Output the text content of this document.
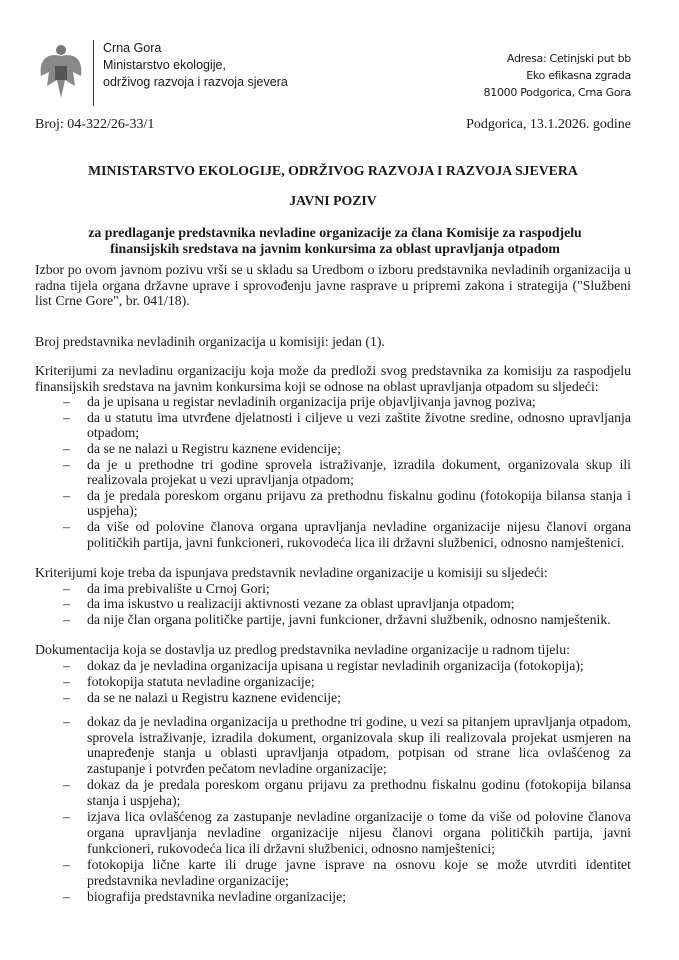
Crna Gora
Ministarstvo ekologije,
održivog razvoja i razvoja sjevera
Adresa: Cetinjski put bb
Eko efikasna zgrada
81000 Podgorica, Crna Gora
Broj: 04-322/26-33/1	Podgorica, 13.1.2026. godine
MINISTARSTVO EKOLOGIJE, ODRŽIVOG RAZVOJA I RAZVOJA SJEVERA
JAVNI POZIV
za predlaganje predstavnika nevladine organizacije za člana Komisije za raspodjelu finansijskih sredstava na javnim konkursima za oblast upravljanja otpadom
Izbor po ovom javnom pozivu vrši se u skladu sa Uredbom o izboru predstavnika nevladinih organizacija u radna tijela organa državne uprave i sprovođenju javne rasprave u pripremi zakona i strategija ("Službeni list Crne Gore", br. 041/18).
Broj predstavnika nevladinih organizacija u komisiji: jedan (1).
Kriterijumi za nevladinu organizaciju koja može da predloži svog predstavnika za komisiju za raspodjelu finansijskih sredstava na javnim konkursima koji se odnose na oblast upravljanja otpadom su sljedeći:
– da je upisana u registar nevladinih organizacija prije objavljivanja javnog poziva;
– da u statutu ima utvrđene djelatnosti i ciljeve u vezi zaštite životne sredine, odnosno upravljanja otpadom;
– da se ne nalazi u Registru kaznene evidencije;
– da je u prethodne tri godine sprovela istraživanje, izradila dokument, organizovala skup ili realizovala projekat u vezi upravljanja otpadom;
– da je predala poreskom organu prijavu za prethodnu fiskalnu godinu (fotokopija bilansa stanja i uspjeha);
– da više od polovine članova organa upravljanja nevladine organizacije nijesu članovi organa političkih partija, javni funkcioneri, rukovodeća lica ili državni službenici, odnosno namještenici.
Kriterijumi koje treba da ispunjava predstavnik nevladine organizacije u komisiji su sljedeći:
– da ima prebivalište u Crnoj Gori;
– da ima iskustvo u realizaciji aktivnosti vezane za oblast upravljanja otpadom;
– da nije član organa političke partije, javni funkcioner, državni službenik, odnosno namještenik.
Dokumentacija koja se dostavlja uz predlog predstavnika nevladine organizacije u radnom tijelu:
– dokaz da je nevladina organizacija upisana u registar nevladinih organizacija (fotokopija);
– fotokopija statuta nevladine organizacije;
– da se ne nalazi u Registru kaznene evidencije;
– dokaz da je nevladina organizacija u prethodne tri godine, u vezi sa pitanjem upravljanja otpadom, sprovela istraživanje, izradila dokument, organizovala skup ili realizovala projekat usmjeren na unapređenje stanja u oblasti upravljanja otpadom, potpisan od strane lica ovlašćenog za zastupanje i potvrđen pečatom nevladine organizacije;
– dokaz da je predala poreskom organu prijavu za prethodnu fiskalnu godinu (fotokopija bilansa stanja i uspjeha);
– izjava lica ovlašćenog za zastupanje nevladine organizacije o tome da više od polovine članova organa upravljanja nevladine organizacije nijesu članovi organa političkih partija, javni funkcioneri, rukovodeća lica ili državni službenici, odnosno namještenici;
– fotokopija lične karte ili druge javne isprave na osnovu koje se može utvrditi identitet predstavnika nevladine organizacije;
– biografija predstavnika nevladine organizacije;
